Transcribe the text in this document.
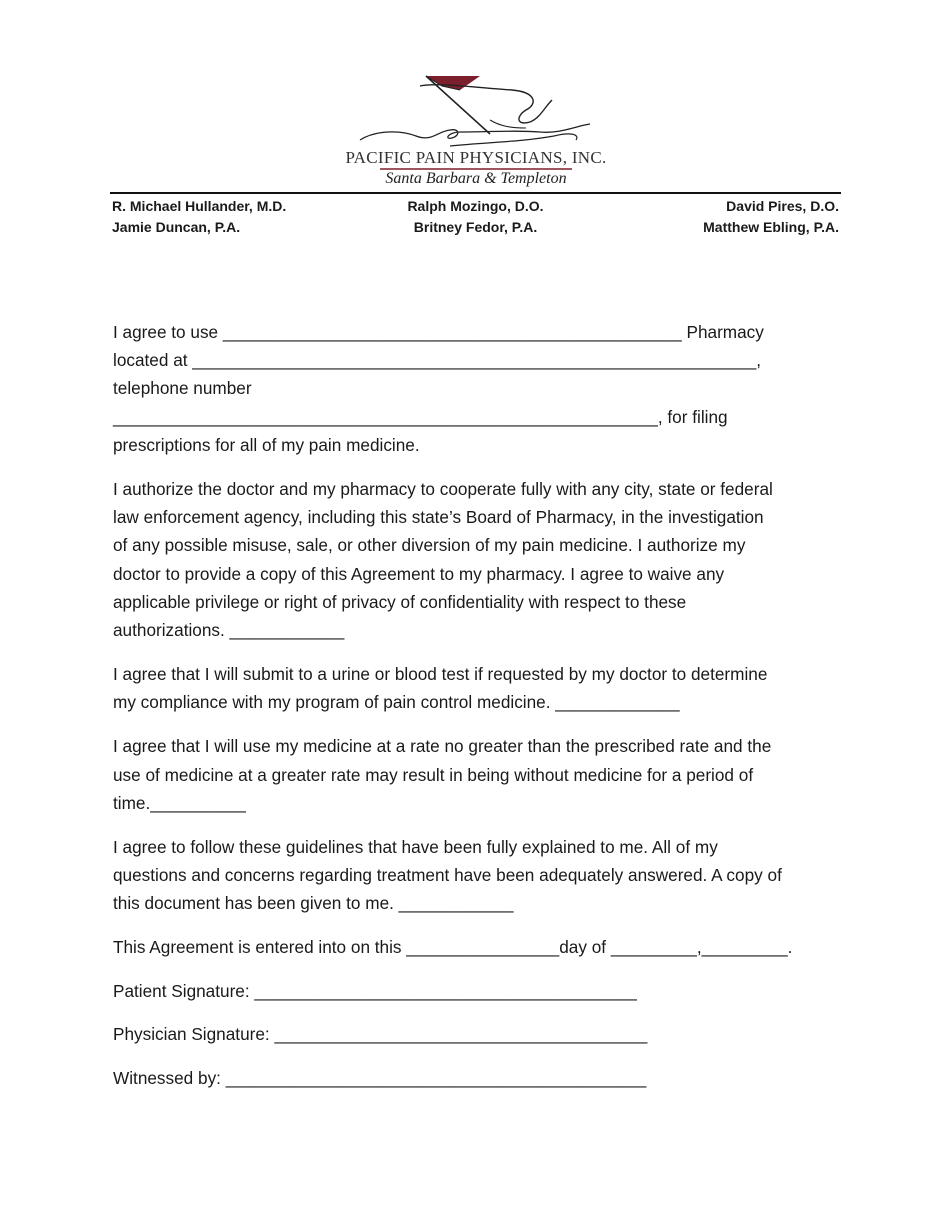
PACIFIC PAIN PHYSICIANS, INC.
Santa Barbara & Templeton
R. Michael Hullander, M.D.	Ralph Mozingo, D.O.	David Pires, D.O.
Jamie Duncan, P.A.	Britney Fedor, P.A.	Matthew Ebling, P.A.
I agree to use ________________________________________________ Pharmacy
located at ___________________________________________________________,
telephone number
_________________________________________________________, for filing
prescriptions for all of my pain medicine.
I authorize the doctor and my pharmacy to cooperate fully with any city, state or federal
law enforcement agency, including this state’s Board of Pharmacy, in the investigation
of any possible misuse, sale, or other diversion of my pain medicine. I authorize my
doctor to provide a copy of this Agreement to my pharmacy. I agree to waive any
applicable privilege or right of privacy of confidentiality with respect to these
authorizations. ____________
I agree that I will submit to a urine or blood test if requested by my doctor to determine
my compliance with my program of pain control medicine. _____________
I agree that I will use my medicine at a rate no greater than the prescribed rate and the
use of medicine at a greater rate may result in being without medicine for a period of
time.__________
I agree to follow these guidelines that have been fully explained to me. All of my
questions and concerns regarding treatment have been adequately answered. A copy of
this document has been given to me. ____________
This Agreement is entered into on this ________________day of _________,_________.
Patient Signature: ________________________________________
Physician Signature: _______________________________________
Witnessed by: ____________________________________________
